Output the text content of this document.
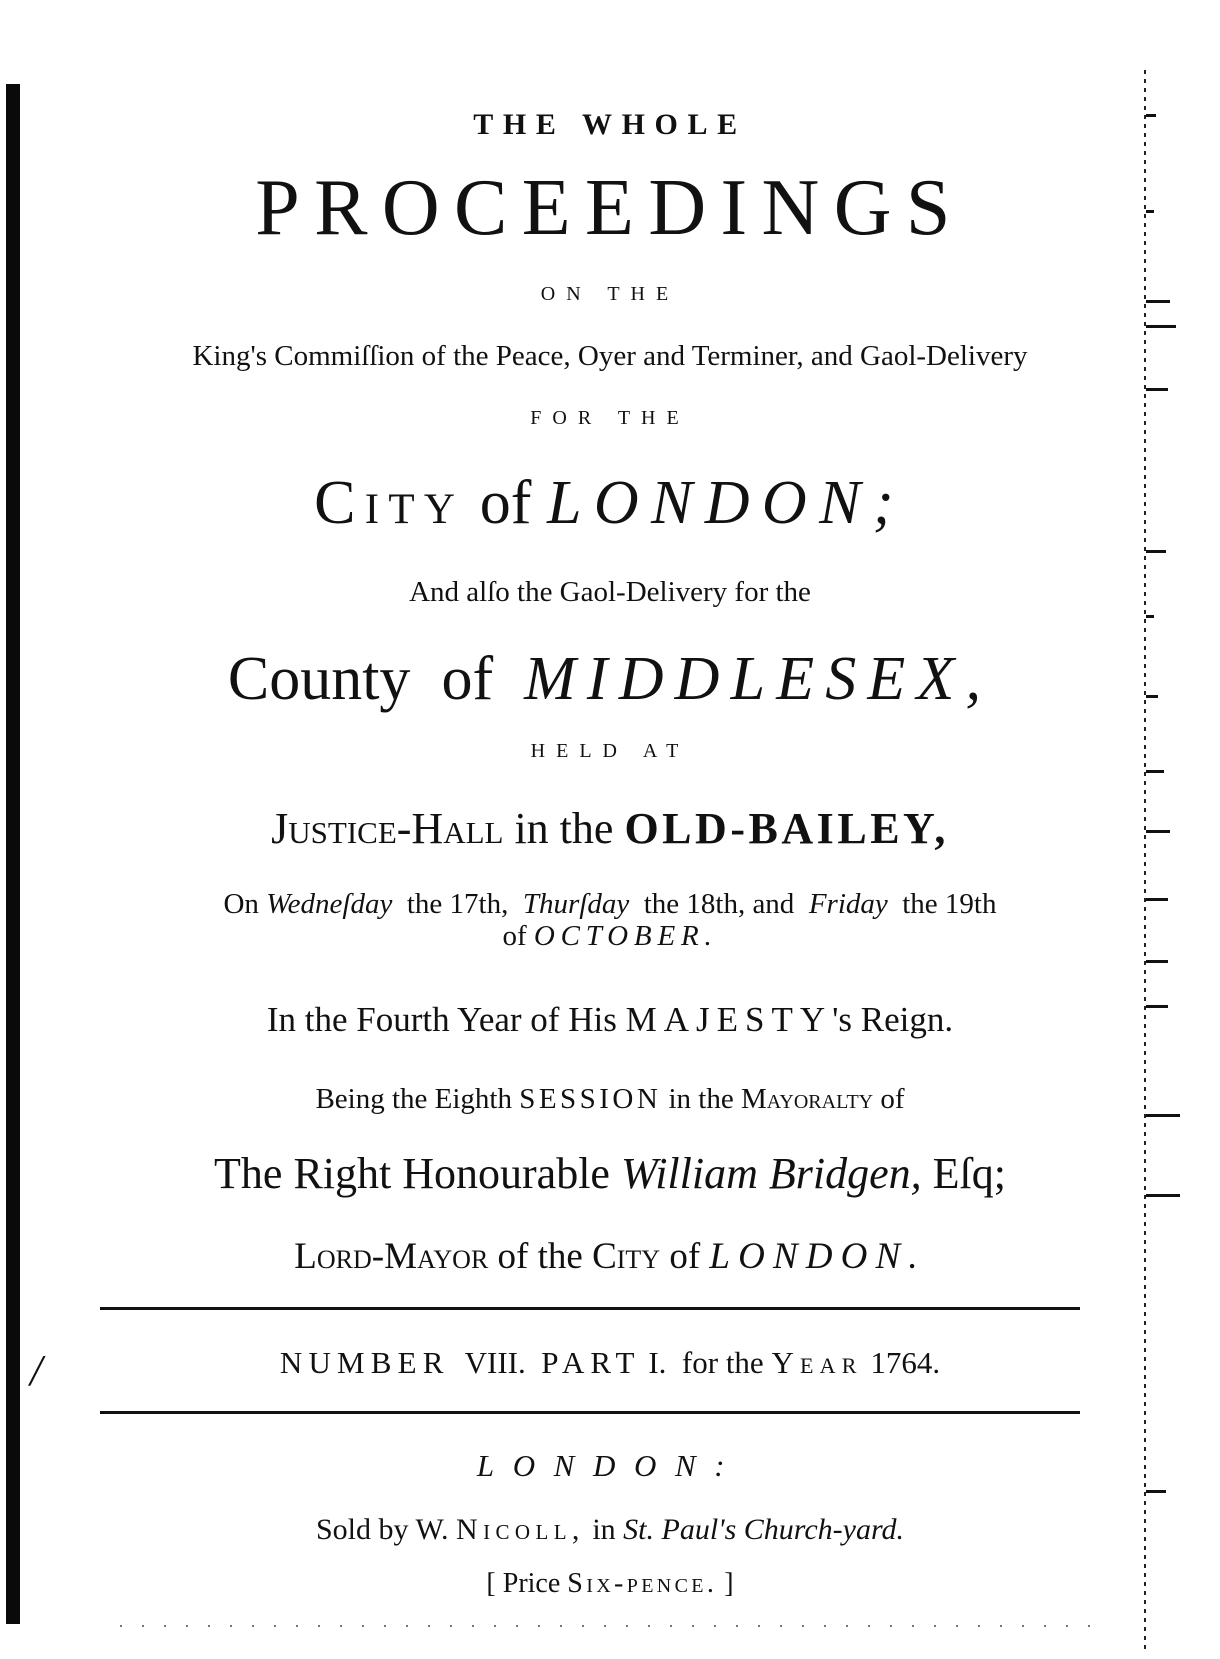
THE WHOLE
PROCEEDINGS
ON THE
King's Commiſſion of the Peace, Oyer and Terminer, and Gaol-Delivery
FOR THE
City of LONDON;
And alſo the Gaol-Delivery for the
County of MIDDLESEX,
HELD AT
Justice-Hall in the OLD-BAILEY,
On Wedneſday the 17th, Thurſday the 18th, and Friday the 19th
of OCTOBER.
In the Fourth Year of His MAJESTY's Reign.
Being the Eighth SESSION in the Mayoralty of
The Right Honourable William Bridgen, Eſq;
Lord-Mayor of the City of LONDON.
/	NUMBER VIII. PART I. for the Year 1764.
LONDON:
Sold by W. Nicoll, in St. Paul's Church-yard.
[ Price Six-pence. ]
